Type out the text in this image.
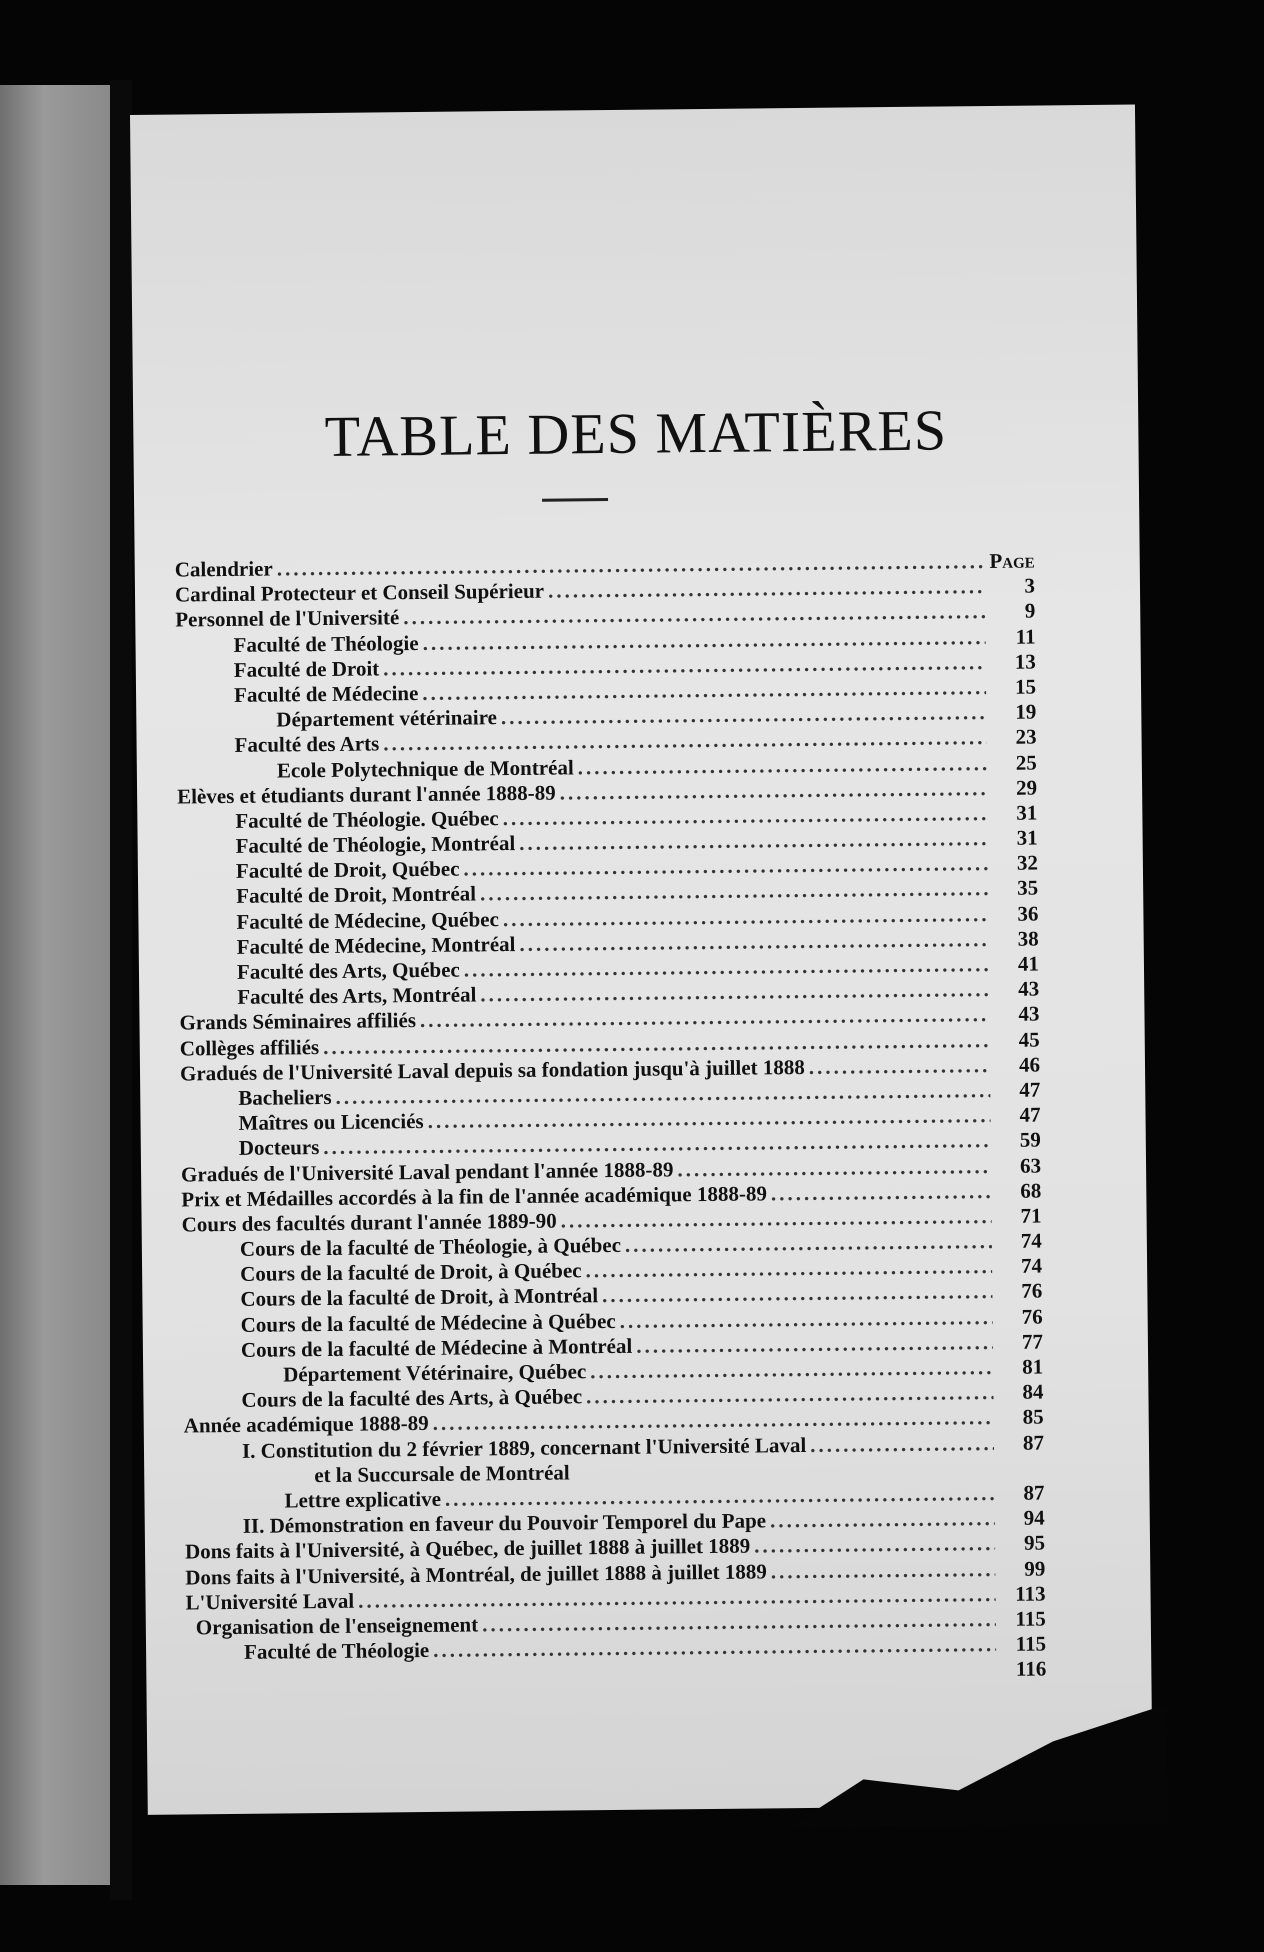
TABLE DES MATIÈRES
Calendrier .....	Page
Cardinal Protecteur et Conseil Supérieur .....	3
Personnel de l'Université .....	9
Faculté de Théologie .....	11
Faculté de Droit .....	13
Faculté de Médecine .....	15
Département vétérinaire .....	19
Faculté des Arts .....	23
Ecole Polytechnique de Montréal .....	25
Elèves et étudiants durant l'année 1888-89 .....	29
Faculté de Théologie. Québec .....	31
Faculté de Théologie, Montréal .....	31
Faculté de Droit, Québec .....	32
Faculté de Droit, Montréal .....	35
Faculté de Médecine, Québec .....	36
Faculté de Médecine, Montréal .....	38
Faculté des Arts, Québec .....	41
Faculté des Arts, Montréal .....	43
Grands Séminaires affiliés .....	43
Collèges affiliés .....	45
Gradués de l'Université Laval depuis sa fondation jusqu'à juillet 1888 .....	46
Bacheliers .....	47
Maîtres ou Licenciés .....	47
Docteurs .....	59
Gradués de l'Université Laval pendant l'année 1888-89 .....	63
Prix et Médailles accordés à la fin de l'année académique 1888-89 .....	68
Cours des facultés durant l'année 1889-90 .....	71
Cours de la faculté de Théologie, à Québec .....	74
Cours de la faculté de Droit, à Québec .....	74
Cours de la faculté de Droit, à Montréal .....	76
Cours de la faculté de Médecine à Québec .....	76
Cours de la faculté de Médecine à Montréal .....	77
Département Vétérinaire, Québec .....	81
Cours de la faculté des Arts, à Québec .....	84
Année académique 1888-89 .....	85
I. Constitution du 2 février 1889, concernant l'Université Laval .....	87
et la Succursale de Montréal
Lettre explicative .....	87
II. Démonstration en faveur du Pouvoir Temporel du Pape .....	94
Dons faits à l'Université, à Québec, de juillet 1888 à juillet 1889 .....	95
Dons faits à l'Université, à Montréal, de juillet 1888 à juillet 1889 .....	99
L'Université Laval .....	113
Organisation de l'enseignement .....	115
Faculté de Théologie .....	115
116
